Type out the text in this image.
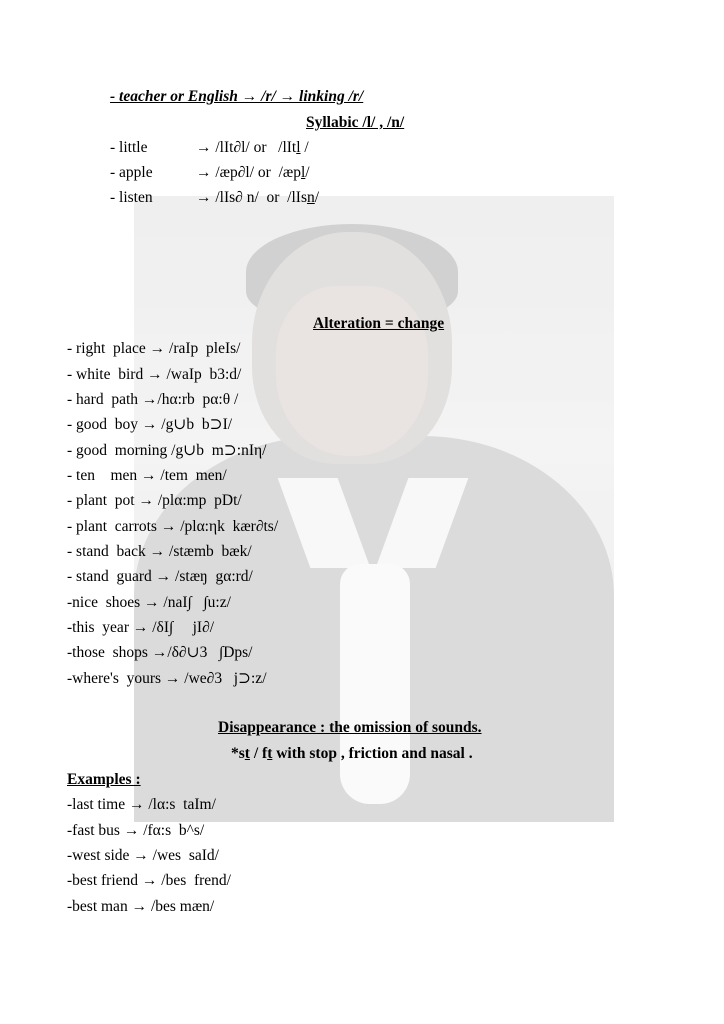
- teacher or English → /r/ → linking /r/
Syllabic /l/ , /n/
- little	→ /lIt∂l/ or   /lItl /
- apple	→ /æp∂l/ or  /æpl/
- listen	→ /lIs∂ n/  or  /lIsn/
Alteration = change
- right  place → /raIp  pleIs/
- white  bird → /waIp  b3:d/
- hard  path →/hα:rb  pα:θ /
- good  boy → /g∪b  b⊃I/
- good  morning /g∪b  m⊃:nIη/
- ten    men → /tem  men/
- plant  pot → /plα:mp  pDt/
- plant  carrots → /plα:ηk  kær∂ts/
- stand  back → /stæmb  bæk/
- stand  guard → /stæŋ  gα:rd/
-nice  shoes → /naI∫   ∫u:z/
-this  year → /δI∫     jI∂/
-those  shops →/δ∂∪3   ∫Dps/
-where's  yours → /we∂3   j⊃:z/
Disappearance : the omission of sounds.
*st / ft with stop , friction and nasal .
Examples :
-last time → /lα:s  taIm/
-fast bus → /fα:s  b^s/
-west side → /wes  saId/
-best friend → /bes  frend/
-best man → /bes mæn/
